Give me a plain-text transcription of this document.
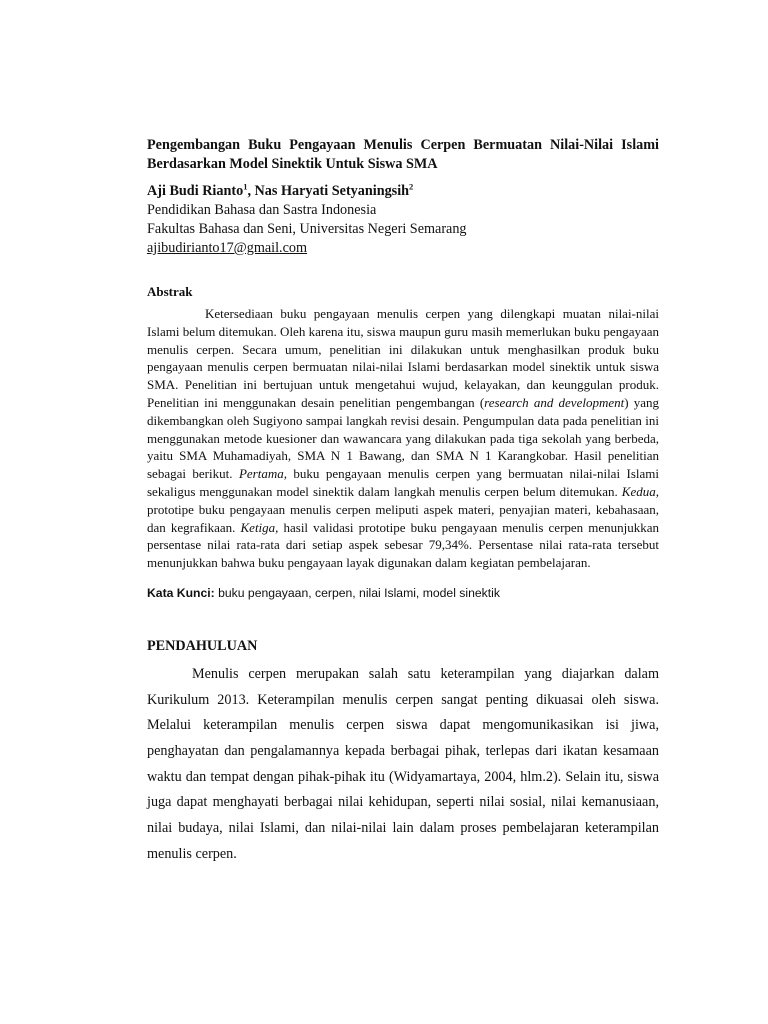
Pengembangan Buku Pengayaan Menulis Cerpen Bermuatan Nilai-Nilai Islami Berdasarkan Model Sinektik Untuk Siswa SMA

Aji Budi Rianto$^1$, Nas Haryati Setyaningsih$^2$
Pendidikan Bahasa dan Sastra Indonesia
Fakultas Bahasa dan Seni, Universitas Negeri Semarang
ajibudirianto17@gmail.com
Abstrak

Ketersediaan buku pengayaan menulis cerpen yang dilengkapi muatan nilai-nilai Islami belum ditemukan. Oleh karena itu, siswa maupun guru masih memerlukan buku pengayaan menulis cerpen. Secara umum, penelitian ini dilakukan untuk menghasilkan produk buku pengayaan menulis cerpen bermuatan nilai-nilai Islami berdasarkan model sinektik untuk siswa SMA. Penelitian ini bertujuan untuk mengetahui wujud, kelayakan, dan keunggulan produk. Penelitian ini menggunakan desain penelitian pengembangan (research and development) yang dikembangkan oleh Sugiyono sampai langkah revisi desain. Pengumpulan data pada penelitian ini menggunakan metode kuesioner dan wawancara yang dilakukan pada tiga sekolah yang berbeda, yaitu SMA Muhamadiyah, SMA N 1 Bawang, dan SMA N 1 Karangkobar. Hasil penelitian sebagai berikut. Pertama, buku pengayaan menulis cerpen yang bermuatan nilai-nilai Islami sekaligus menggunakan model sinektik dalam langkah menulis cerpen belum ditemukan. Kedua, prototipe buku pengayaan menulis cerpen meliputi aspek materi, penyajian materi, kebahasaan, dan kegrafikaan. Ketiga, hasil validasi prototipe buku pengayaan menulis cerpen menunjukkan persentase nilai rata-rata dari setiap aspek sebesar 79,34%. Persentase nilai rata-rata tersebut menunjukkan bahwa buku pengayaan layak digunakan dalam kegiatan pembelajaran.

Kata Kunci: buku pengayaan, cerpen, nilai Islami, model sinektik
PENDAHULUAN

Menulis cerpen merupakan salah satu keterampilan yang diajarkan dalam Kurikulum 2013. Keterampilan menulis cerpen sangat penting dikuasai oleh siswa. Melalui keterampilan menulis cerpen siswa dapat mengomunikasikan isi jiwa, penghayatan dan pengalamannya kepada berbagai pihak, terlepas dari ikatan kesamaan waktu dan tempat dengan pihak-pihak itu (Widyamartaya, 2004, hlm.2). Selain itu, siswa juga dapat menghayati berbagai nilai kehidupan, seperti nilai sosial, nilai kemanusiaan, nilai budaya, nilai Islami, dan nilai-nilai lain dalam proses pembelajaran keterampilan menulis cerpen.
